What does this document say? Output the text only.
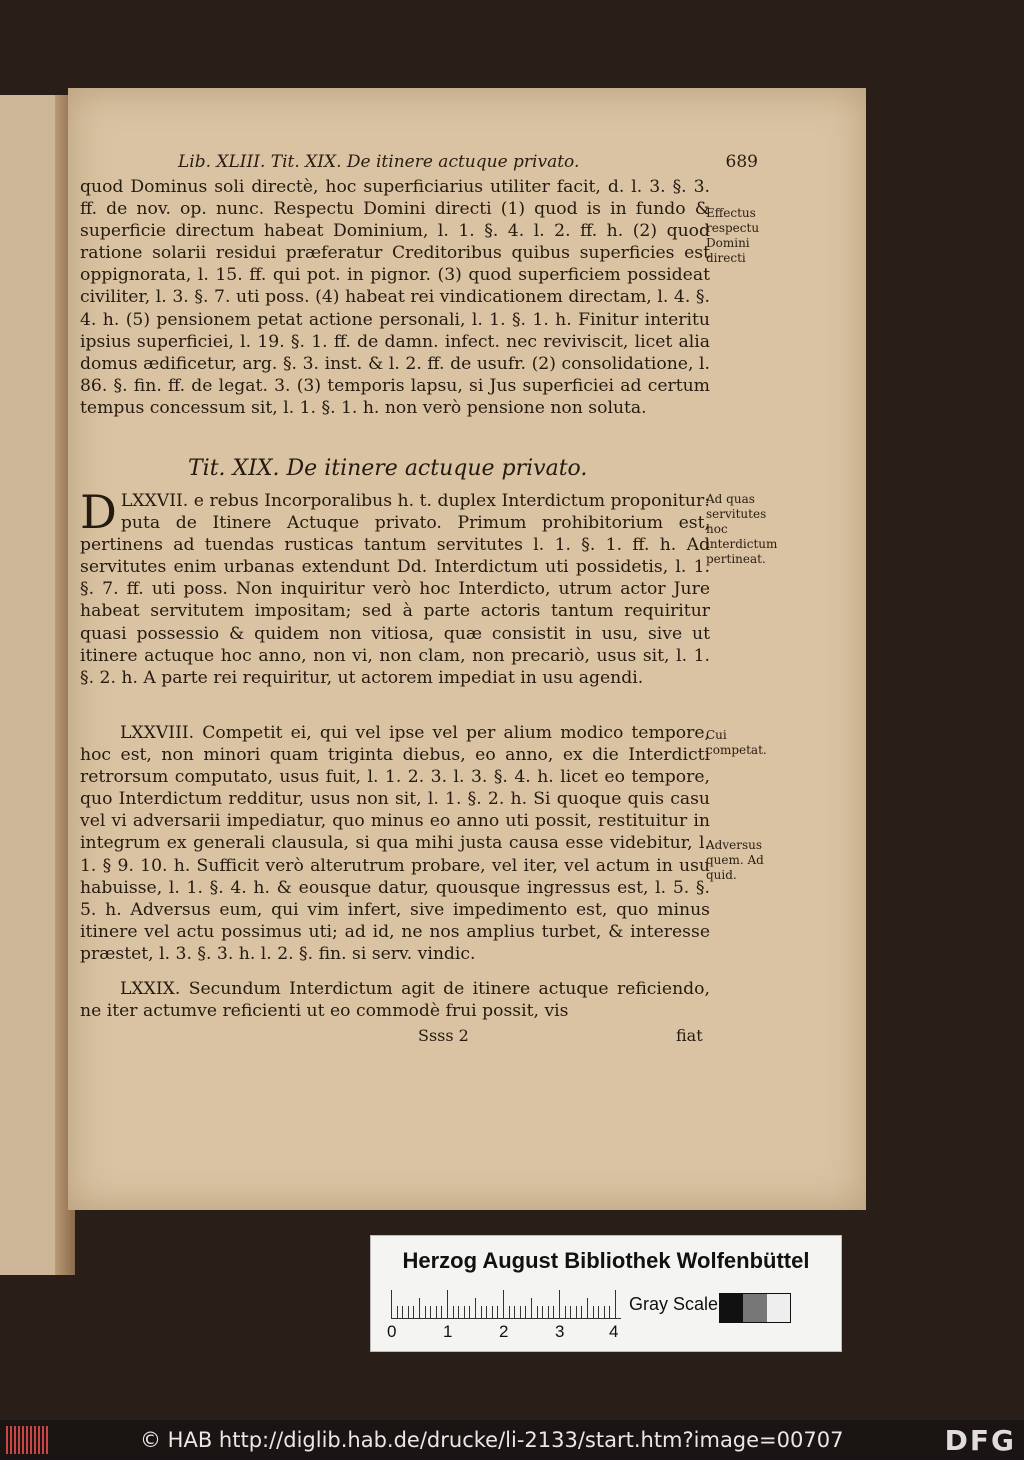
Lib. XLIII. Tit. XIX. De itinere actuque privato.	689

quod Dominus soli directè, hoc superficiarius utiliter facit, d. l. 3. §. 3. ff. de nov. op. nunc. Respectu Domini directi (1) quod is in fundo & superficie directum habeat Dominium, l. 1. §. 4. l. 2. ff. h. (2) quod ratione solarii residui præferatur Creditoribus quibus superficies est oppignorata, l. 15. ff. qui pot. in pignor. (3) quod superficiem possideat civiliter, l. 3. §. 7. uti poss. (4) habeat rei vindicationem directam, l. 4. §. 4. h. (5) pensionem petat actione personali, l. 1. §. 1. h. Finitur interitu ipsius superficiei, l. 19. §. 1. ff. de damn. infect. nec reviviscit, licet alia domus ædificetur, arg. §. 3. inst. & l. 2. ff. de usufr. (2) consolidatione, l. 86. §. fin. ff. de legat. 3. (3) temporis lapsu, si Jus superficiei ad certum tempus concessum sit, l. 1. §. 1. h. non verò pensione non soluta.

Effectus respectu Domini directi
Tit. XIX. De itinere actuque privato.
LXXVII.
D	e rebus Incorporalibus h. t. duplex Interdictum proponitur: puta de Itinere Actuque privato. Primum prohibitorium est, pertinens ad tuendas rusticas tantum servitutes l. 1. §. 1. ff. h. Ad servitutes enim urbanas extendunt Dd. Interdictum uti possidetis, l. 1. §. 7. ff. uti poss. Non inquiritur verò hoc Interdicto, utrum actor Jure habeat servitutem impositam; sed à parte actoris tantum requiritur quasi possessio & quidem non vitiosa, quæ consistit in usu, sive ut itinere actuque hoc anno, non vi, non clam, non precariò, usus sit, l. 1. §. 2. h. A parte rei requiritur, ut actorem impediat in usu agendi.
Ad quas servitutes hoc interdictum pertineat.
LXXVIII. Competit ei, qui vel ipse vel per alium modico tempore, hoc est, non minori quam triginta diebus, eo anno, ex die Interdicti retrorsum computato, usus fuit, l. 1. 2. 3. l. 3. §. 4. h. licet eo tempore, quo Interdictum redditur, usus non sit, l. 1. §. 2. h. Si quoque quis casu vel vi adversarii impediatur, quo minus eo anno uti possit, restituitur in integrum ex generali clausula, si qua mihi justa causa esse videbitur, l. 1. § 9. 10. h. Sufficit verò alterutrum probare, vel iter, vel actum in usu habuisse, l. 1. §. 4. h. & eousque datur, quousque ingressus est, l. 5. §. 5. h. Adversus eum, qui vim infert, sive impedimento est, quo minus itinere vel actu possimus uti; ad id, ne nos amplius turbet, & interesse præstet, l. 3. §. 3. h. l. 2. §. fin. si serv. vindic.
Cui competat.
Adversus quem. Ad quid.
LXXIX. Secundum Interdictum agit de itinere actuque reficiendo, ne iter actumve reficienti ut eo commodè frui possit, vis
Ssss 2	fiat
Herzog August Bibliothek Wolfenbüttel
0	1	2	3	4
Gray Scale
© HAB http://diglib.hab.de/drucke/li-2133/start.htm?image=00707	DFG
